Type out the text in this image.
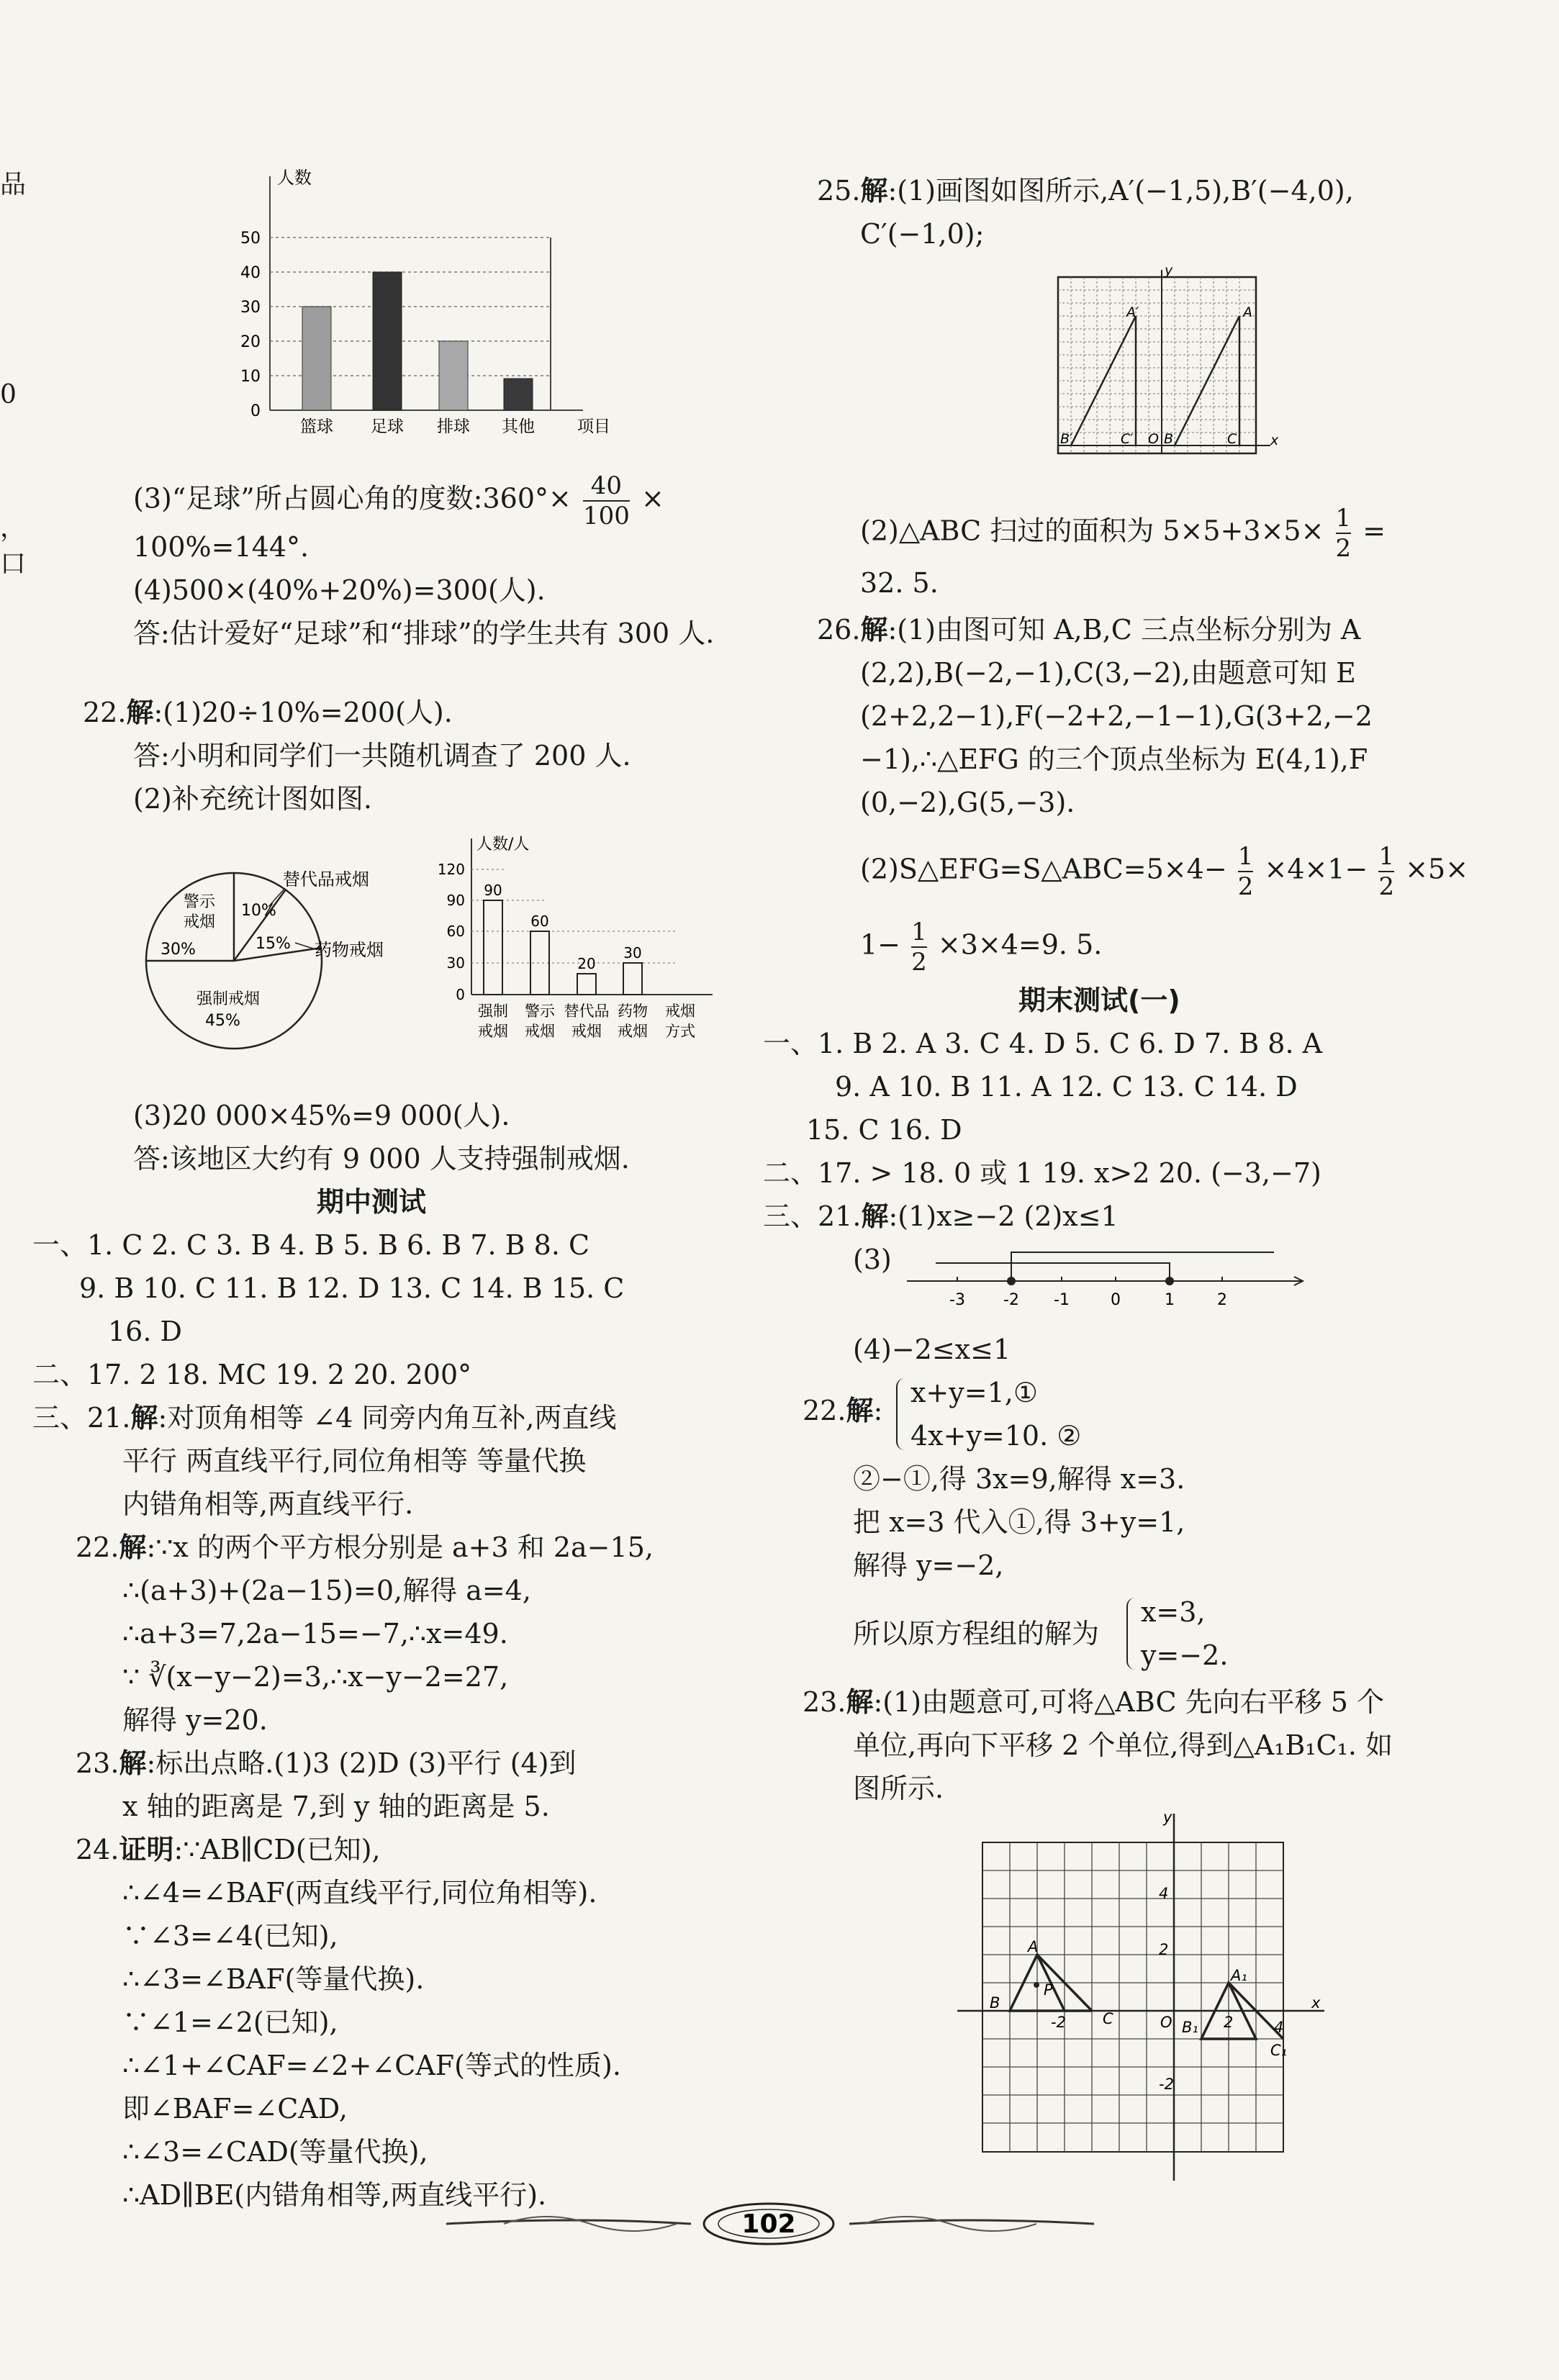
品
0
，
口
人数
0
10
20
30
40
50
篮球 足球 排球 其他	项目
(3)“足球”所占圆心角的度数:360°× $\frac{40}{100}$ ×
100%=144°.
(4)500×(40%+20%)=300(人).
答:估计爱好“足球”和“排球”的学生共有 300 人.
22.解:(1)20÷10%=200(人).
答:小明和同学们一共随机调查了 200 人.
(2)补充统计图如图.
警示
戒烟
10%
15%
30%
强制戒烟
45%
替代品戒烟
药物戒烟
人数/人
0
30
60
90
120
90
60
20
30
强制 警示 替代品 药物 戒烟
戒烟 戒烟 戒烟 戒烟 方式
(3)20 000×45%=9 000(人).
答:该地区大约有 9 000 人支持强制戒烟.
期中测试
一、1. C 2. C 3. B 4. B 5. B 6. B 7. B 8. C
9. B 10. C 11. B 12. D 13. C 14. B 15. C
16. D
二、17. 2 18. MC 19. 2 20. 200°
三、21.解:对顶角相等 ∠4 同旁内角互补,两直线
平行 两直线平行,同位角相等 等量代换
内错角相等,两直线平行.
22.解:∵x 的两个平方根分别是 a+3 和 2a−15,
∴(a+3)+(2a−15)=0,解得 a=4,
∴a+3=7,2a−15=−7,∴x=49.
∵ ∛(x−y−2)=3,∴x−y−2=27,
解得 y=20.
23.解:标出点略.(1)3 (2)D (3)平行 (4)到
x 轴的距离是 7,到 y 轴的距离是 5.
24.证明:∵AB∥CD(已知),
∴∠4=∠BAF(两直线平行,同位角相等).
∵∠3=∠4(已知),
∴∠3=∠BAF(等量代换).
∵∠1=∠2(已知),
∴∠1+∠CAF=∠2+∠CAF(等式的性质).
即∠BAF=∠CAD,
∴∠3=∠CAD(等量代换),
∴AD∥BE(内错角相等,两直线平行).
25.解:(1)画图如图所示,A′(−1,5),B′(−4,0),
C′(−1,0);
y
A′	A
B′	C′ O B	C x
(2)△ABC 扫过的面积为 $5\times 5+3\times 5\times \frac{1}{2}$ =
32. 5.
26.解:(1)由图可知 A,B,C 三点坐标分别为 A
(2,2),B(−2,−1),C(3,−2),由题意可知 E
(2+2,2−1),F(−2+2,−1−1),G(3+2,−2
−1),∴△EFG 的三个顶点坐标为 E(4,1),F
(0,−2),G(5,−3).
(2)S△EFG=S△ABC=5×4− $\frac{1}{2} \times 4\times 1- \frac{1}{2} \times 5\times$
$1- \frac{1}{2} \times 3\times 4=9$. 5.
期末测试(一)
一、1. B 2. A 3. C 4. D 5. C 6. D 7. B 8. A
9. A 10. B 11. A 12. C 13. C 14. D
15. C 16. D
二、17. > 18. 0 或 1 19. x>2 20. (−3,−7)
三、21.解:(1)x≥−2 (2)x≤1
(3)
-3 -2 -1	0	1	2
(4)−2≤x≤1
22.解:
x+y=1,①
4x+y=10. ②
②−①,得 3x=9,解得 x=3.
把 x=3 代入①,得 3+y=1,
解得 y=−2,
所以原方程组的解为
x=3,
y=−2.
23.解:(1)由题意可,可将△ABC 先向右平移 5 个
单位,再向下平移 2 个单位,得到△A₁B₁C₁. 如
图所示.
y
4
A	2
P
A₁
B
C
-2	O B₁ 2	4
C₁
x
-2
102
